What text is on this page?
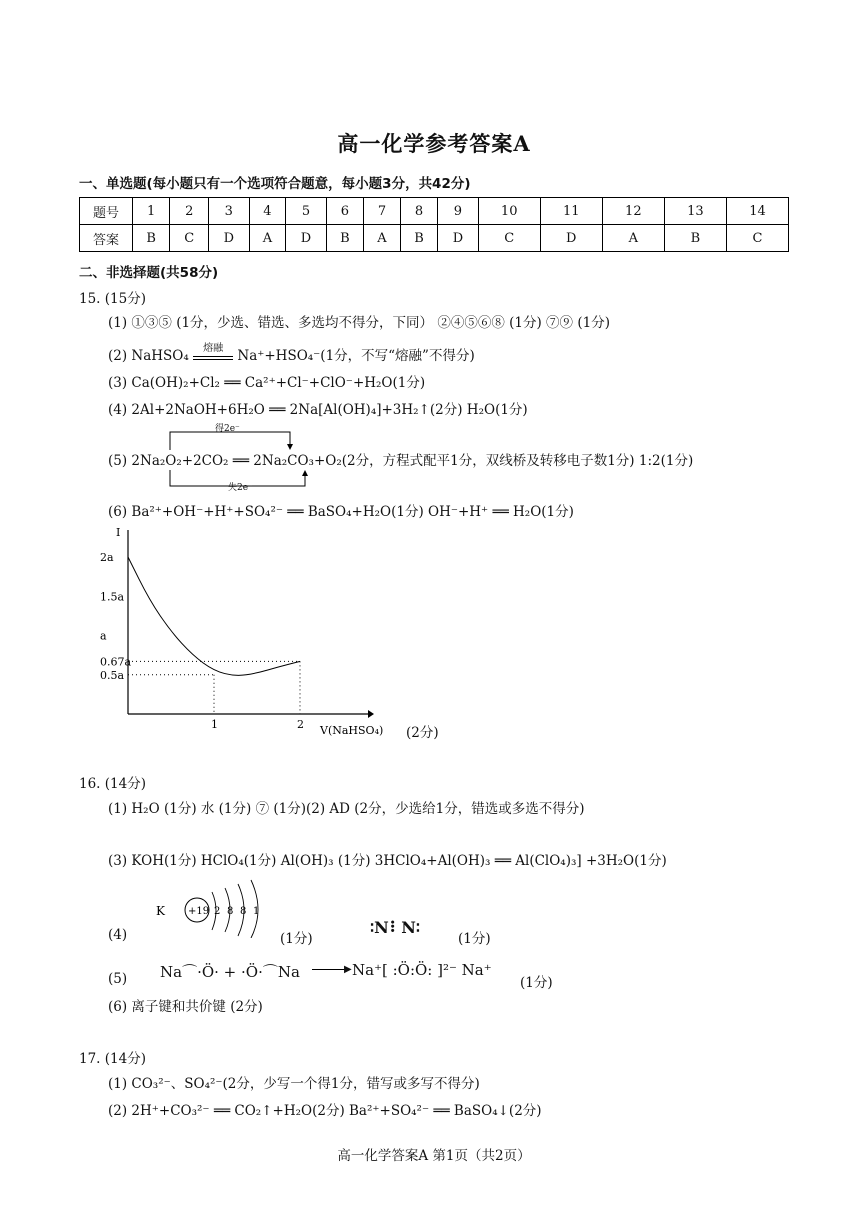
高一化学参考答案A
一、单选题(每小题只有一个选项符合题意，每小题3分，共42分)
题号	1	2	3	4	5	6	7	8	9	10	11	12	13	14
答案	B	C	D	A	D	B	A	B	D	C	D	A	B	C
二、非选择题(共58分)
15. (15分)
(1) ①③⑤ (1分，少选、错选、多选均不得分，下同） ②④⑤⑥⑧ (1分) ⑦⑨ (1分)
(2) NaHSO₄	熔融	Na⁺+HSO₄⁻(1分，不写“熔融”不得分)
(3) Ca(OH)₂+Cl₂ ══ Ca²⁺+Cl⁻+ClO⁻+H₂O(1分)
(4) 2Al+2NaOH+6H₂O ══ 2Na[Al(OH)₄]+3H₂↑(2分) H₂O(1分)
得2e⁻
(5) 2Na₂O₂+2CO₂ ══ 2Na₂CO₃+O₂(2分，方程式配平1分，双线桥及转移电子数1分) 1:2(1分)
失2e⁻
(6) Ba²⁺+OH⁻+H⁺+SO₄²⁻ ══ BaSO₄+H₂O(1分) OH⁻+H⁺ ══ H₂O(1分)
2a
1.5a
a
0.67a
0.5a
1	2
I
V(NaHSO₄) (2分)
16. (14分)
(1) H₂O (1分) 水 (1分) ⑦ (1分)(2) AD (2分，少选给1分，错选或多选不得分)
(3) KOH(1分) HClO₄(1分) Al(OH)₃ (1分) 3HClO₄+Al(OH)₃ ══ Al(ClO₄)₃] +3H₂O(1分)
(4)
K +19 2 8 8 1
(1分)
∶N⠇N∶
(1分)
(5) Na⌒·Ö· + ·Ö·⌒Na	▶ Na⁺[ :Ö:Ö: ]²⁻ Na⁺
(1分)
(6) 离子键和共价键 (2分)
17. (14分)
(1) CO₃²⁻、SO₄²⁻(2分，少写一个得1分，错写或多写不得分)
(2) 2H⁺+CO₃²⁻ ══ CO₂↑+H₂O(2分) Ba²⁺+SO₄²⁻ ══ BaSO₄↓(2分)
高一化学答案A 第1页（共2页）
